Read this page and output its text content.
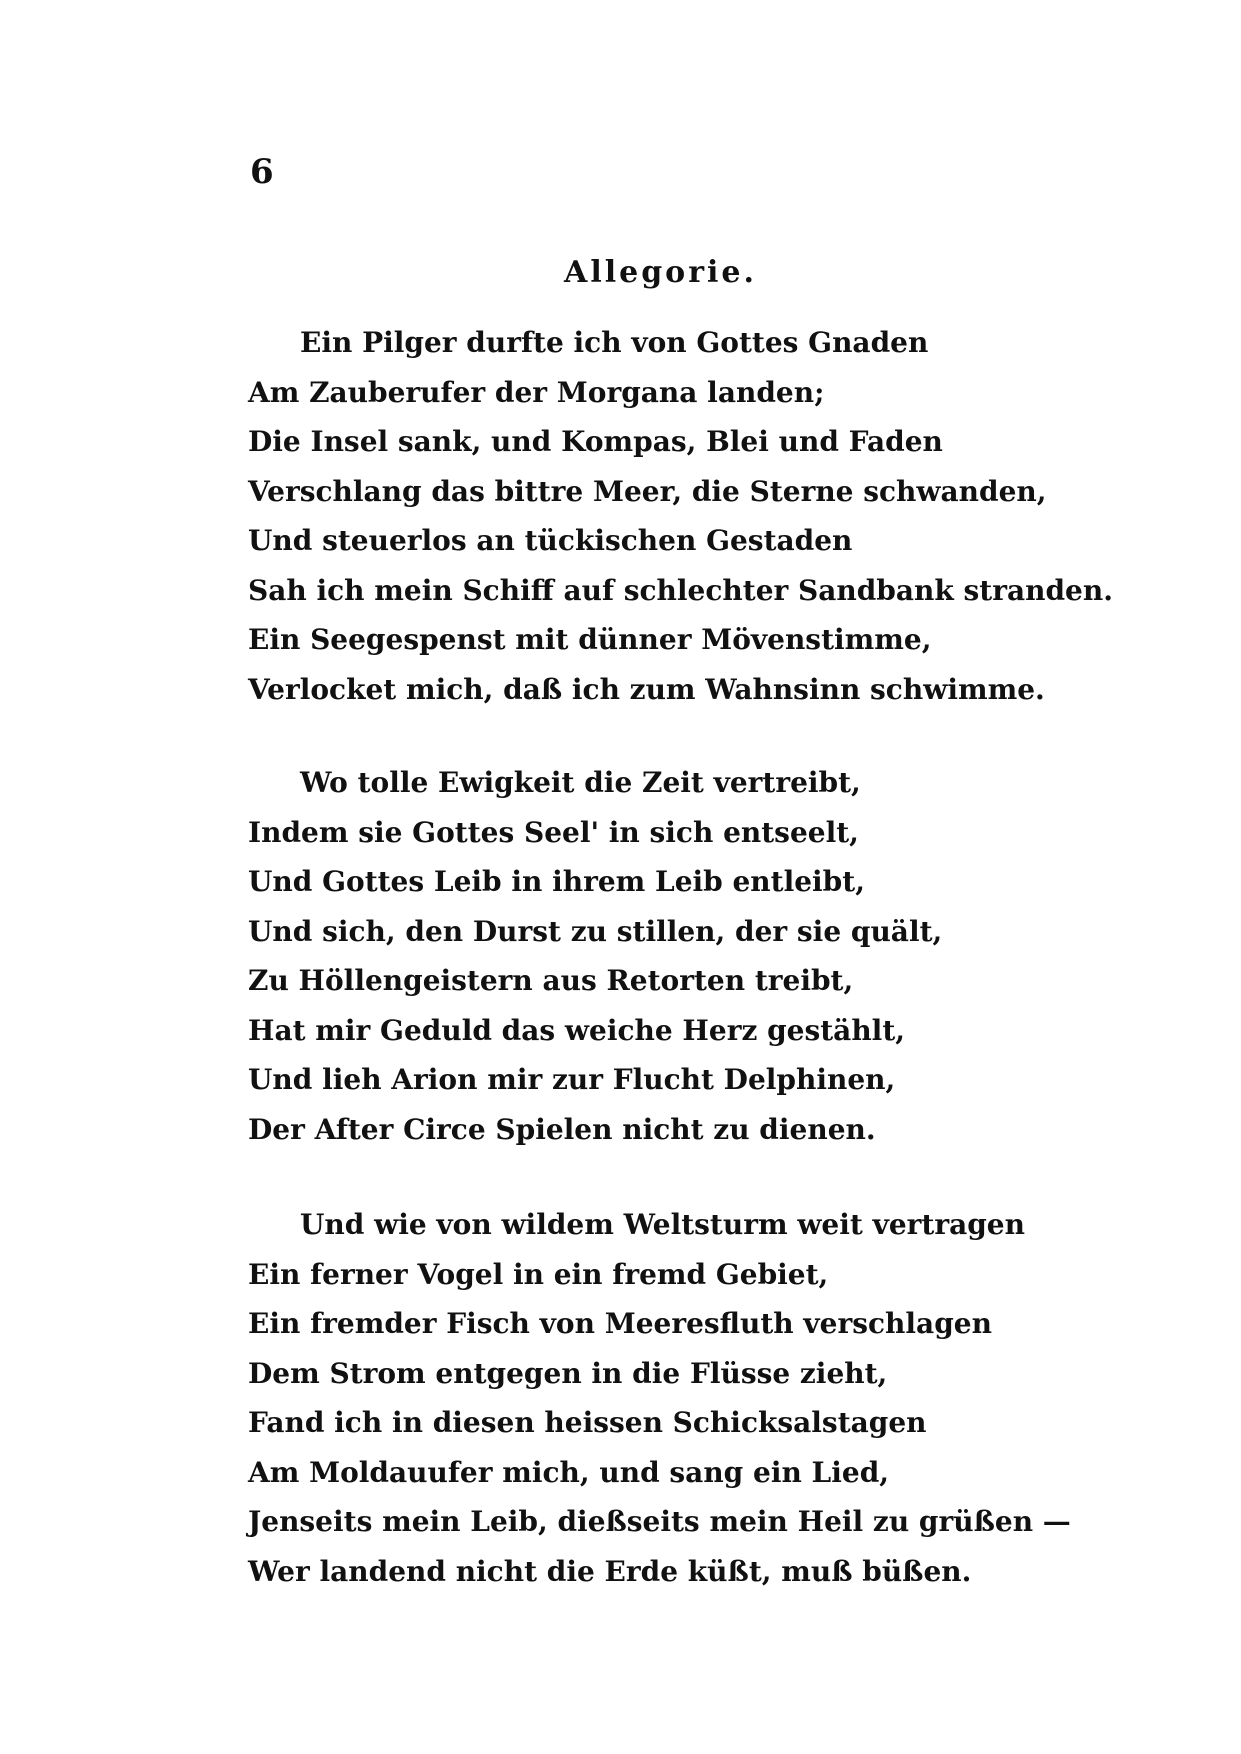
6
Allegorie.
Ein Pilger durfte ich von Gottes Gnaden
Am Zauberufer der Morgana landen;
Die Insel sank, und Kompas, Blei und Faden
Verschlang das bittre Meer, die Sterne schwanden,
Und steuerlos an tückischen Gestaden
Sah ich mein Schiff auf schlechter Sandbank stranden.
Ein Seegespenst mit dünner Mövenstimme,
Verlocket mich, daß ich zum Wahnsinn schwimme.
Wo tolle Ewigkeit die Zeit vertreibt,
Indem sie Gottes Seel' in sich entseelt,
Und Gottes Leib in ihrem Leib entleibt,
Und sich, den Durst zu stillen, der sie quält,
Zu Höllengeistern aus Retorten treibt,
Hat mir Geduld das weiche Herz gestählt,
Und lieh Arion mir zur Flucht Delphinen,
Der After Circe Spielen nicht zu dienen.
Und wie von wildem Weltsturm weit vertragen
Ein ferner Vogel in ein fremd Gebiet,
Ein fremder Fisch von Meeresfluth verschlagen
Dem Strom entgegen in die Flüsse zieht,
Fand ich in diesen heissen Schicksalstagen
Am Moldauufer mich, und sang ein Lied,
Jenseits mein Leib, dießseits mein Heil zu grüßen —
Wer landend nicht die Erde küßt, muß büßen.
